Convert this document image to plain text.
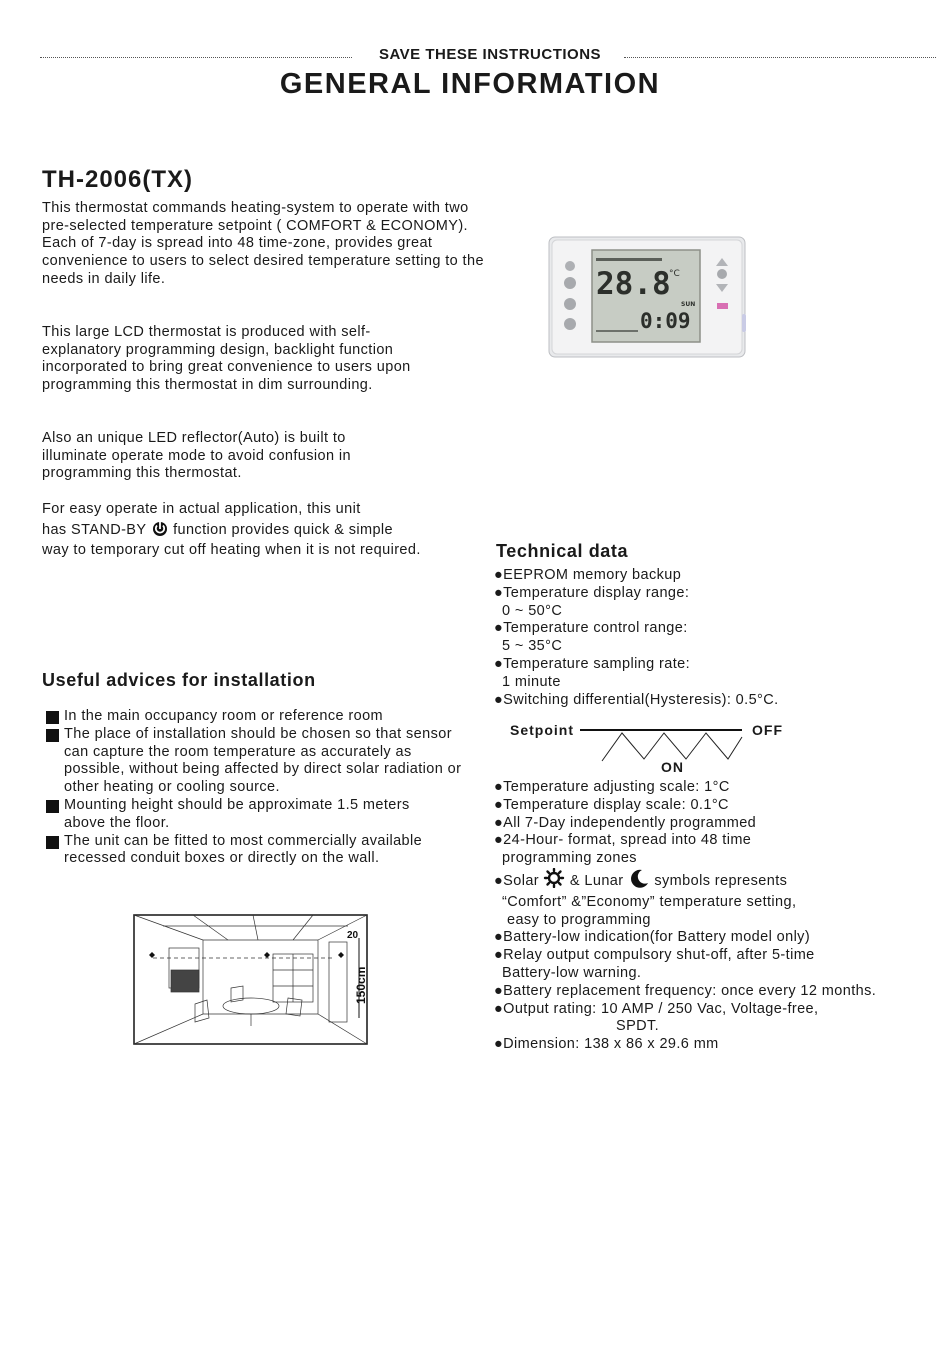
SAVE THESE INSTRUCTIONS
GENERAL INFORMATION
TH-2006(TX)
This thermostat commands heating-system to operate with two pre-selected temperature setpoint ( COMFORT & ECONOMY). Each of 7-day is spread into 48 time-zone, provides great convenience to users to select desired temperature setting to the needs in daily life.
This large LCD thermostat is produced with self-explanatory programming design, backlight function incorporated to bring great convenience to users upon programming this thermostat in dim surrounding.
Also an unique LED reflector(Auto) is built to illuminate operate mode to avoid confusion in programming this thermostat.
For easy operate in actual application, this unit
has STAND-BY function provides quick & simple
way to temporary cut off heating when it is not required.
28.8
°C
SUN
0:09
Useful advices for installation
In the main occupancy room or reference room
The place of installation should be chosen so that sensor can capture the room temperature as accurately as possible, without being affected by direct solar radiation or other heating or cooling source.
Mounting height should be approximate 1.5 meters above the floor.
The unit can be fitted to most commercially available recessed conduit boxes or directly on the wall.
150cm
20
Technical data
●EEPROM memory backup
●Temperature display range:
0 ~ 50°C
●Temperature control range:
5 ~ 35°C
●Temperature sampling rate:
1 minute
●Switching differential(Hysteresis): 0.5°C.
Setpoint	OFF
ON
●Temperature adjusting scale: 1°C
●Temperature display scale: 0.1°C
●All 7-Day independently programmed
●24-Hour- format, spread into 48 time
programming zones
●Solar & Lunar symbols represents
“Comfort” &”Economy” temperature setting,
easy to programming
●Battery-low indication(for Battery model only)
●Relay output compulsory shut-off, after 5-time
Battery-low warning.
●Battery replacement frequency: once every 12 months.
●Output rating: 10 AMP / 250 Vac, Voltage-free,
SPDT.
●Dimension: 138 x 86 x 29.6 mm
